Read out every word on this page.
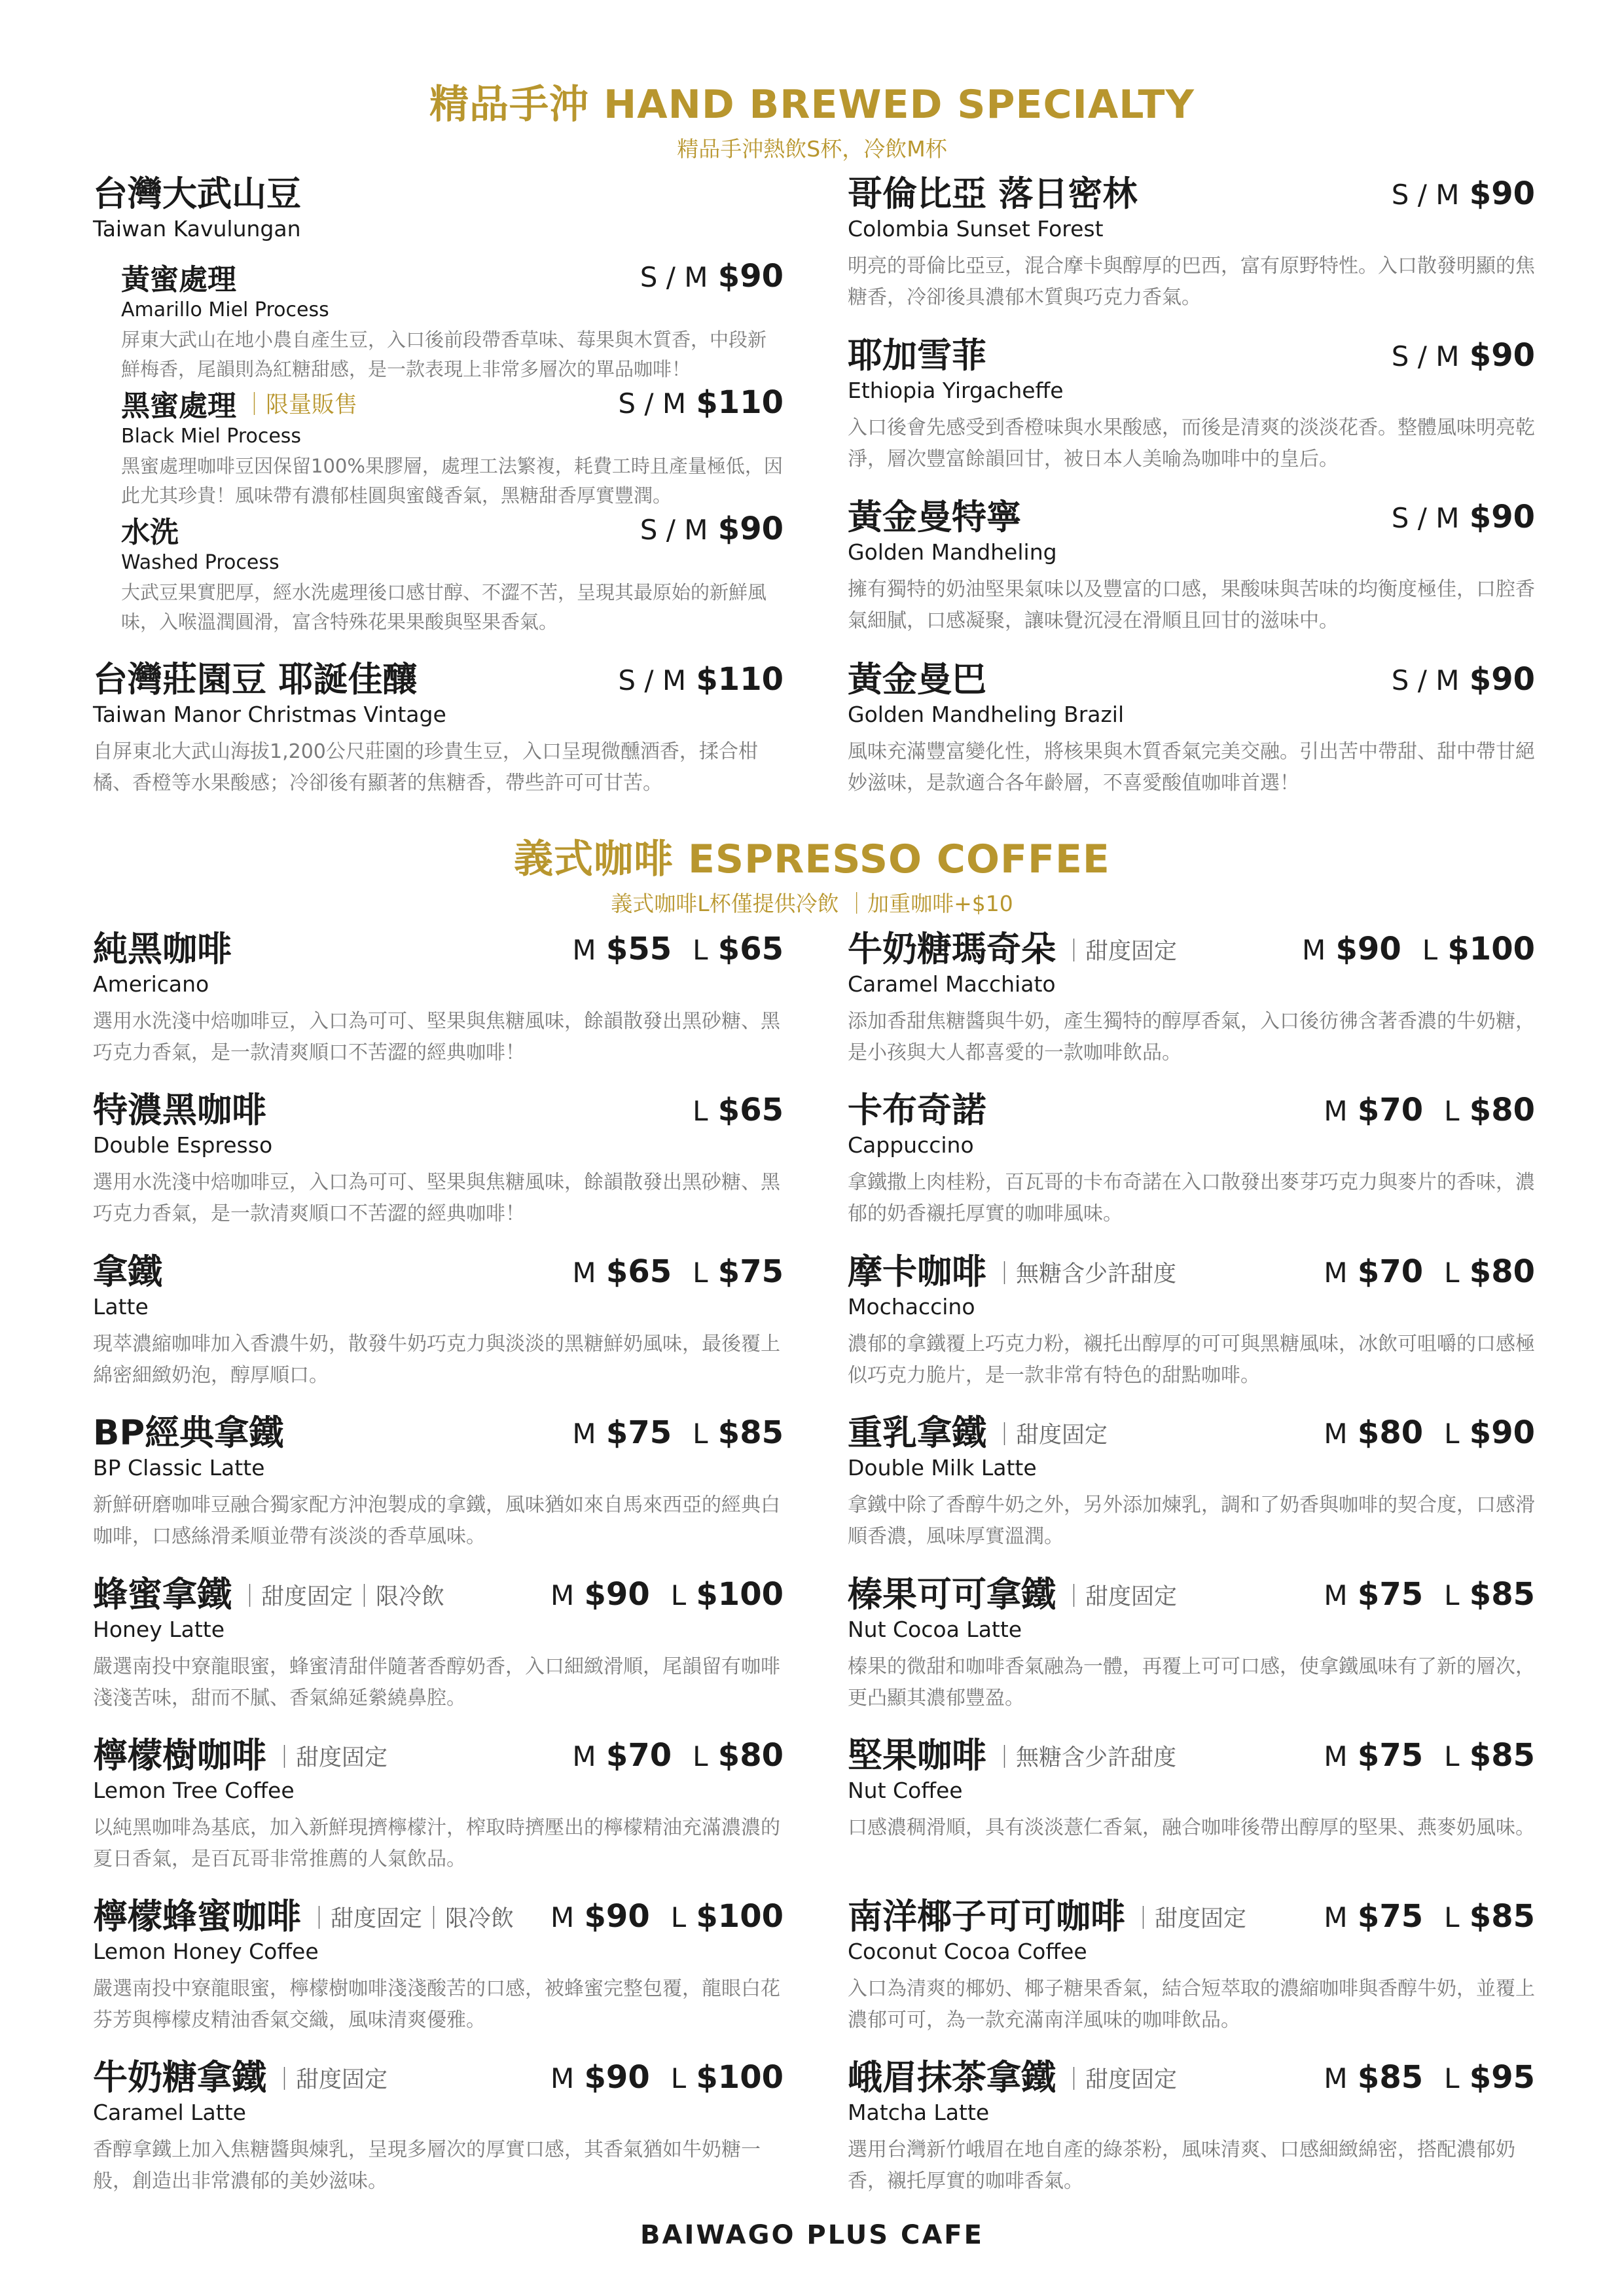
精品手沖 HAND BREWED SPECIALTY
精品手沖熱飲S杯，冷飲M杯
台灣大武山豆
Taiwan Kavulungan
黃蜜處理	S / M $90
Amarillo Miel Process
屏東大武山在地小農自產生豆，入口後前段帶香草味、莓果與木質香，中段新鮮梅香，尾韻則為紅糖甜感，是一款表現上非常多層次的單品咖啡！
黑蜜處理 ｜限量販售	S / M $110
Black Miel Process
黑蜜處理咖啡豆因保留100%果膠層，處理工法繁複，耗費工時且產量極低，因此尤其珍貴！風味帶有濃郁桂圓與蜜餞香氣，黑糖甜香厚實豐潤。
水洗	S / M $90
Washed Process
大武豆果實肥厚，經水洗處理後口感甘醇、不澀不苦，呈現其最原始的新鮮風味，入喉溫潤圓滑，富含特殊花果果酸與堅果香氣。
台灣莊園豆 耶誕佳釀	S / M $110
Taiwan Manor Christmas Vintage
自屏東北大武山海拔1,200公尺莊園的珍貴生豆，入口呈現微醺酒香，揉合柑橘、香橙等水果酸感；冷卻後有顯著的焦糖香，帶些許可可甘苦。
哥倫比亞 落日密林	S / M $90
Colombia Sunset Forest
明亮的哥倫比亞豆，混合摩卡與醇厚的巴西，富有原野特性。入口散發明顯的焦糖香，冷卻後具濃郁木質與巧克力香氣。
耶加雪菲	S / M $90
Ethiopia Yirgacheffe
入口後會先感受到香橙味與水果酸感，而後是清爽的淡淡花香。整體風味明亮乾淨，層次豐富餘韻回甘，被日本人美喻為咖啡中的皇后。
黃金曼特寧	S / M $90
Golden Mandheling
擁有獨特的奶油堅果氣味以及豐富的口感，果酸味與苦味的均衡度極佳，口腔香氣細膩，口感凝聚，讓味覺沉浸在滑順且回甘的滋味中。
黃金曼巴	S / M $90
Golden Mandheling Brazil
風味充滿豐富變化性，將核果與木質香氣完美交融。引出苦中帶甜、甜中帶甘絕妙滋味，是款適合各年齡層，不喜愛酸值咖啡首選！
義式咖啡 ESPRESSO COFFEE
義式咖啡L杯僅提供冷飲 ｜加重咖啡+$10
純黑咖啡	M $55 L $65
Americano
選用水洗淺中焙咖啡豆，入口為可可、堅果與焦糖風味，餘韻散發出黑砂糖、黑巧克力香氣，是一款清爽順口不苦澀的經典咖啡！
特濃黑咖啡	L $65
Double Espresso
選用水洗淺中焙咖啡豆，入口為可可、堅果與焦糖風味，餘韻散發出黑砂糖、黑巧克力香氣，是一款清爽順口不苦澀的經典咖啡！
拿鐵	M $65 L $75
Latte
現萃濃縮咖啡加入香濃牛奶，散發牛奶巧克力與淡淡的黑糖鮮奶風味，最後覆上綿密細緻奶泡，醇厚順口。
BP經典拿鐵	M $75 L $85
BP Classic Latte
新鮮研磨咖啡豆融合獨家配方沖泡製成的拿鐵，風味猶如來自馬來西亞的經典白咖啡，口感絲滑柔順並帶有淡淡的香草風味。
蜂蜜拿鐵 ｜甜度固定｜限冷飲	M $90 L $100
Honey Latte
嚴選南投中寮龍眼蜜，蜂蜜清甜伴隨著香醇奶香，入口細緻滑順，尾韻留有咖啡淺淺苦味，甜而不膩、香氣綿延縈繞鼻腔。
檸檬樹咖啡 ｜甜度固定	M $70 L $80
Lemon Tree Coffee
以純黑咖啡為基底，加入新鮮現擠檸檬汁，榨取時擠壓出的檸檬精油充滿濃濃的夏日香氣，是百瓦哥非常推薦的人氣飲品。
檸檬蜂蜜咖啡 ｜甜度固定｜限冷飲 M $90 L $100
Lemon Honey Coffee
嚴選南投中寮龍眼蜜，檸檬樹咖啡淺淺酸苦的口感，被蜂蜜完整包覆，龍眼白花芬芳與檸檬皮精油香氣交織，風味清爽優雅。
牛奶糖拿鐵 ｜甜度固定	M $90 L $100
Caramel Latte
香醇拿鐵上加入焦糖醬與煉乳，呈現多層次的厚實口感，其香氣猶如牛奶糖一般，創造出非常濃郁的美妙滋味。
牛奶糖瑪奇朵 ｜甜度固定	M $90 L $100
Caramel Macchiato
添加香甜焦糖醬與牛奶，產生獨特的醇厚香氣，入口後彷彿含著香濃的牛奶糖，是小孩與大人都喜愛的一款咖啡飲品。
卡布奇諾	M $70 L $80
Cappuccino
拿鐵撒上肉桂粉，百瓦哥的卡布奇諾在入口散發出麥芽巧克力與麥片的香味，濃郁的奶香襯托厚實的咖啡風味。
摩卡咖啡 ｜無糖含少許甜度	M $70 L $80
Mochaccino
濃郁的拿鐵覆上巧克力粉，襯托出醇厚的可可與黑糖風味，冰飲可咀嚼的口感極似巧克力脆片，是一款非常有特色的甜點咖啡。
重乳拿鐵 ｜甜度固定	M $80 L $90
Double Milk Latte
拿鐵中除了香醇牛奶之外，另外添加煉乳，調和了奶香與咖啡的契合度，口感滑順香濃，風味厚實溫潤。
榛果可可拿鐵 ｜甜度固定	M $75 L $85
Nut Cocoa Latte
榛果的微甜和咖啡香氣融為一體，再覆上可可口感，使拿鐵風味有了新的層次，更凸顯其濃郁豐盈。
堅果咖啡 ｜無糖含少許甜度	M $75 L $85
Nut Coffee
口感濃稠滑順，具有淡淡薏仁香氣，融合咖啡後帶出醇厚的堅果、燕麥奶風味。
南洋椰子可可咖啡 ｜甜度固定	M $75 L $85
Coconut Cocoa Coffee
入口為清爽的椰奶、椰子糖果香氣，結合短萃取的濃縮咖啡與香醇牛奶，並覆上濃郁可可，為一款充滿南洋風味的咖啡飲品。
峨眉抹茶拿鐵 ｜甜度固定	M $85 L $95
Matcha Latte
選用台灣新竹峨眉在地自產的綠茶粉，風味清爽、口感細緻綿密，搭配濃郁奶香，襯托厚實的咖啡香氣。
BAIWAGO PLUS CAFE
